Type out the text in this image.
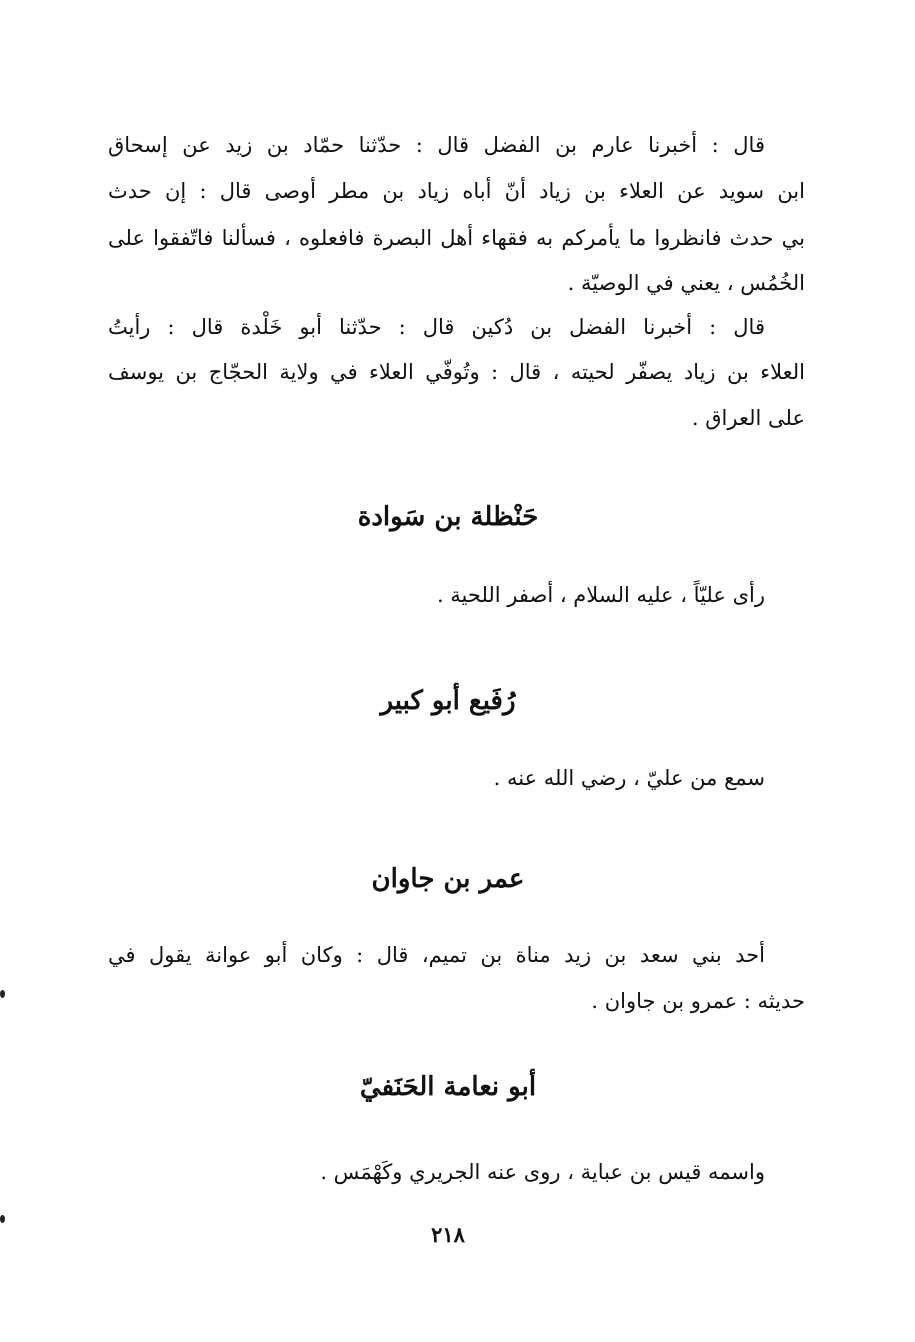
قال : أخبرنا عارم بن الفضل قال : حدّثنا حمّاد بن زيد عن إسحاق
ابن سويد عن العلاء بن زياد أنّ أباه زياد بن مطر أوصى قال : إن حدث
بي حدث فانظروا ما يأمركم به فقهاء أهل البصرة فافعلوه ، فسألنا فاتّفقوا على
الخُمُس ، يعني في الوصيّة .
قال : أخبرنا الفضل بن دُكين قال : حدّثنا أبو خَلْدة قال : رأيتُ
العلاء بن زياد يصفّر لحيته ، قال : وتُوفّي العلاء في ولاية الحجّاج بن يوسف
على العراق .
حَنْظلة بن سَوادة
رأى عليّاً ، عليه السلام ، أصفر اللحية .
رُفَيع أبو كبير
سمع من عليّ ، رضي الله عنه .
عمر بن جاوان
أحد بني سعد بن زيد مناة بن تميم، قال : وكان أبو عوانة يقول في
حديثه : عمرو بن جاوان .
أبو نعامة الحَنَفيّ
واسمه قيس بن عباية ، روى عنه الجريري وكَهْمَس .
٢١٨
